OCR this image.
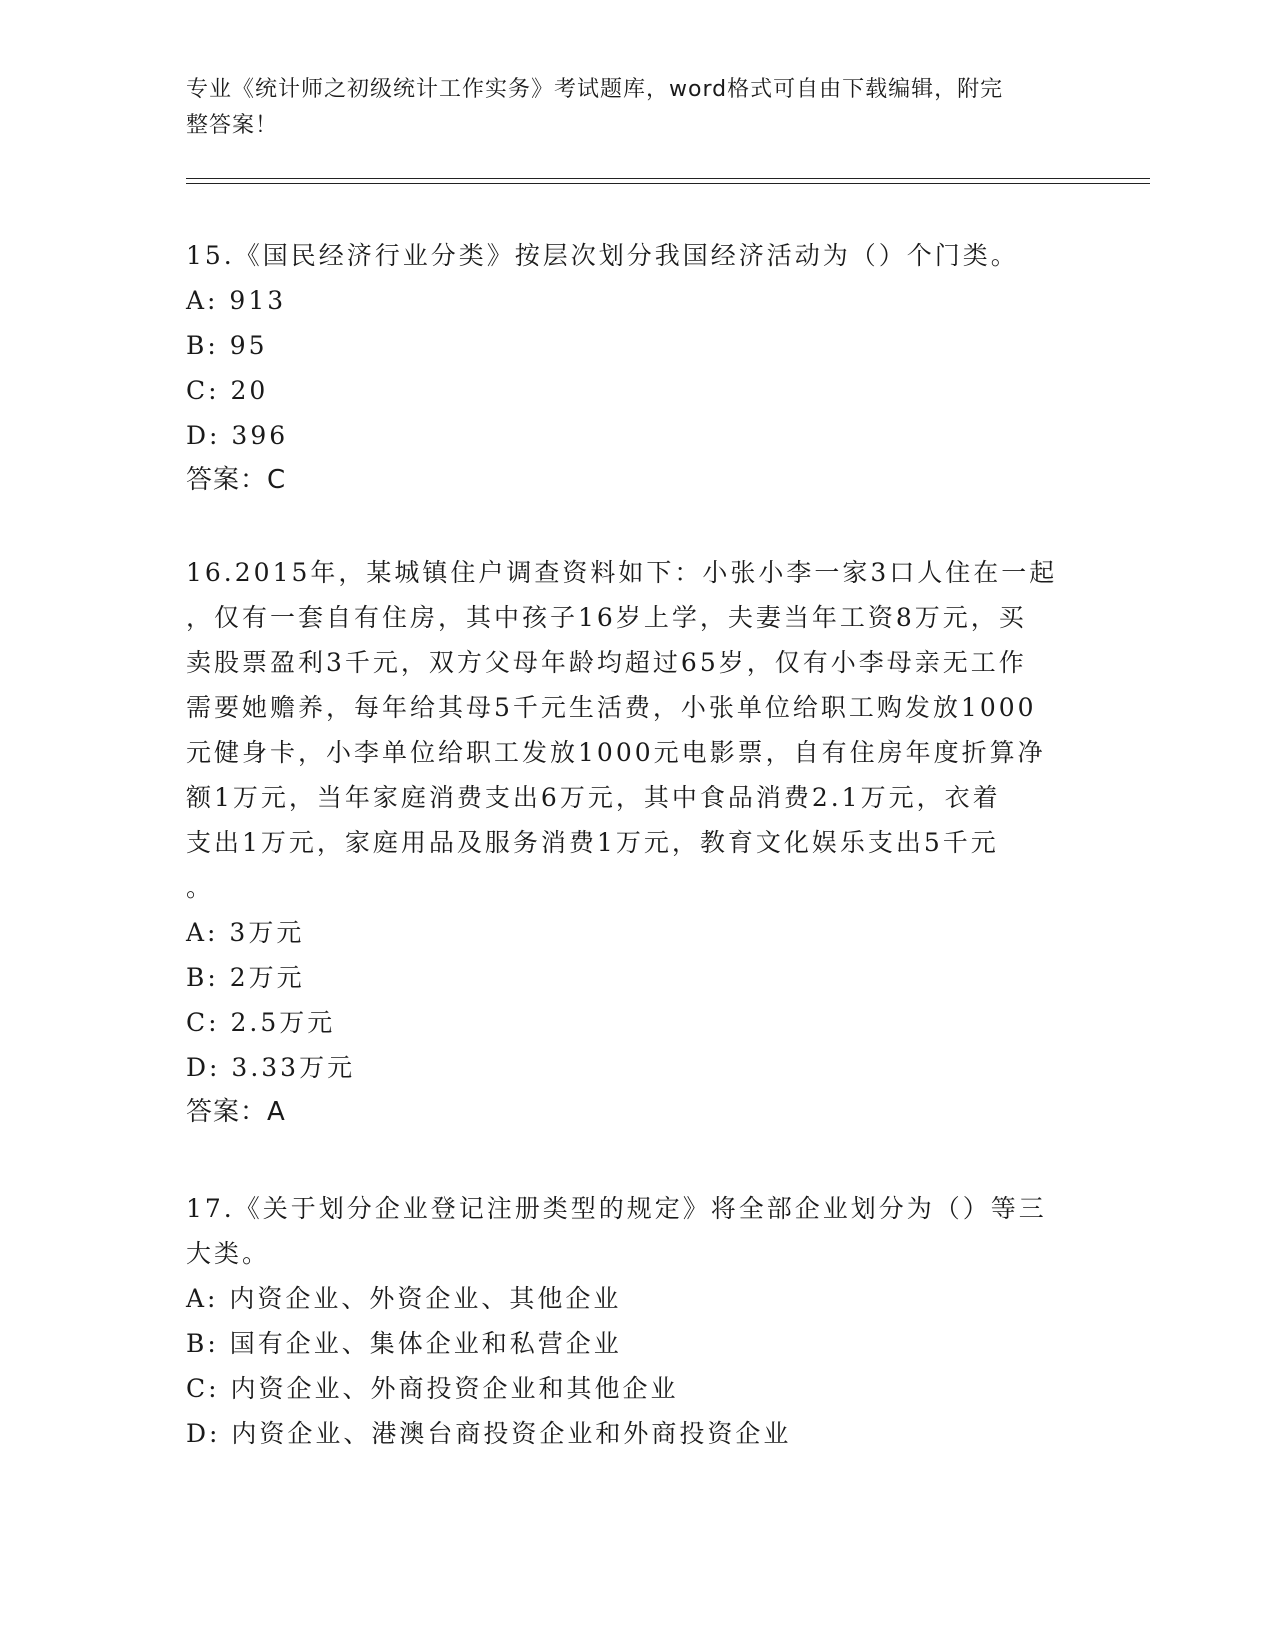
专业《统计师之初级统计工作实务》考试题库，word格式可自由下载编辑，附完
整答案！
15.《国民经济行业分类》按层次划分我国经济活动为（）个门类。
A: 913
B: 95
C: 20
D: 396
答案：C
16.2015年，某城镇住户调查资料如下：小张小李一家3口人住在一起
，仅有一套自有住房，其中孩子16岁上学，夫妻当年工资8万元，买
卖股票盈利3千元，双方父母年龄均超过65岁，仅有小李母亲无工作
需要她赡养，每年给其母5千元生活费，小张单位给职工购发放1000
元健身卡，小李单位给职工发放1000元电影票，自有住房年度折算净
额1万元，当年家庭消费支出6万元，其中食品消费2.1万元，衣着
支出1万元，家庭用品及服务消费1万元，教育文化娱乐支出5千元
。
A: 3万元
B: 2万元
C: 2.5万元
D: 3.33万元
答案：A
17.《关于划分企业登记注册类型的规定》将全部企业划分为（）等三
大类。
A: 内资企业、外资企业、其他企业
B: 国有企业、集体企业和私营企业
C: 内资企业、外商投资企业和其他企业
D: 内资企业、港澳台商投资企业和外商投资企业
